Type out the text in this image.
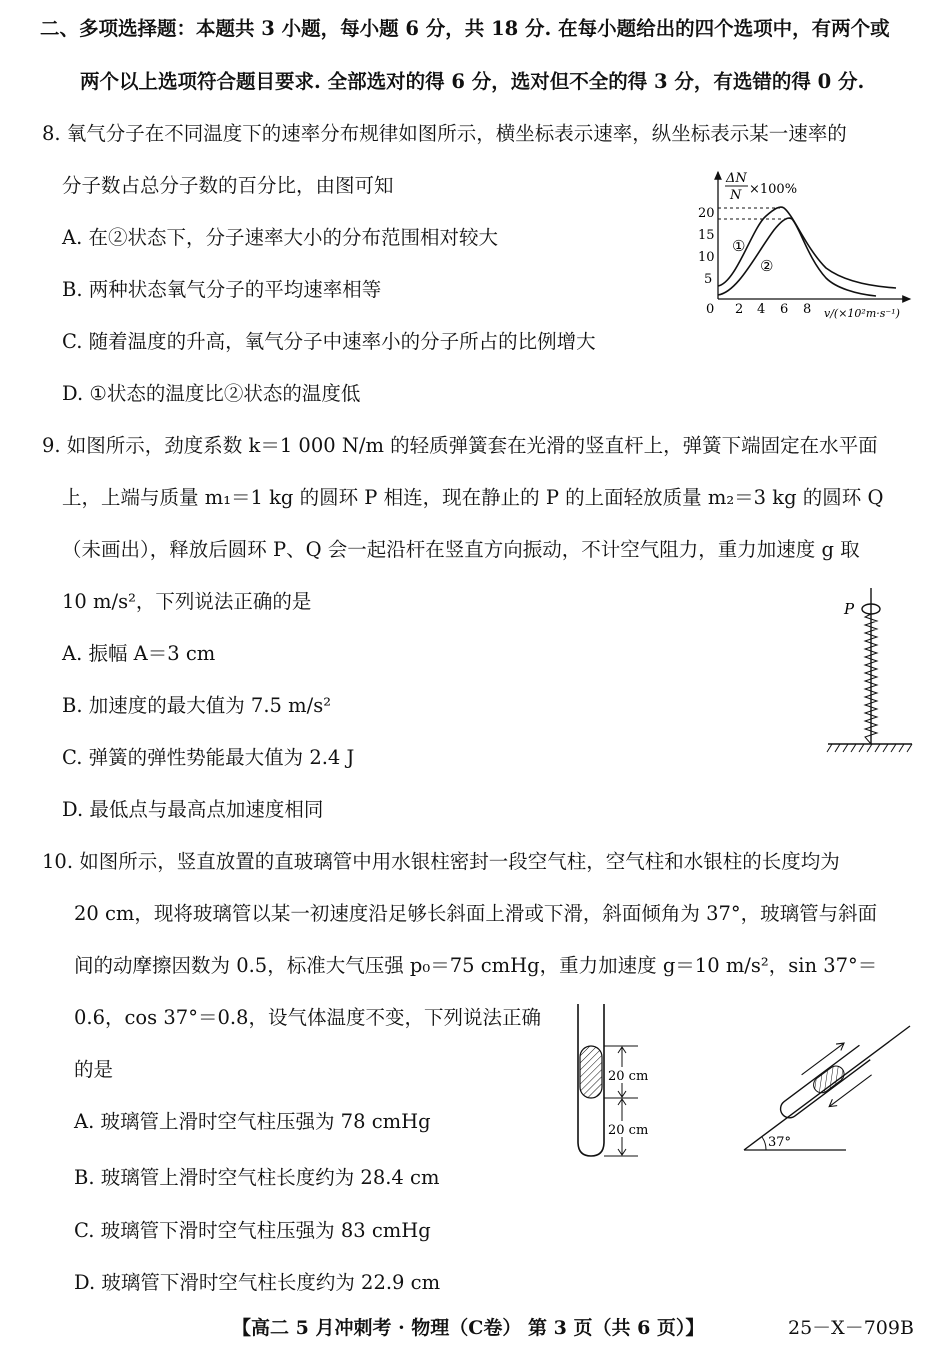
二、多项选择题：本题共 3 小题，每小题 6 分，共 18 分. 在每小题给出的四个选项中，有两个或
两个以上选项符合题目要求. 全部选对的得 6 分，选对但不全的得 3 分，有选错的得 0 分.
8. 氧气分子在不同温度下的速率分布规律如图所示，横坐标表示速率，纵坐标表示某一速率的
分子数占总分子数的百分比，由图可知
A. 在②状态下，分子速率大小的分布范围相对较大
B. 两种状态氧气分子的平均速率相等
C. 随着温度的升高，氧气分子中速率小的分子所占的比例增大
D. ①状态的温度比②状态的温度低
ΔN
N ×100%
20
15
10
5
0 2 4 6 8 v/(×10²m·s⁻¹)
①
②
9. 如图所示，劲度系数 k＝1 000 N/m 的轻质弹簧套在光滑的竖直杆上，弹簧下端固定在水平面
上，上端与质量 m₁＝1 kg 的圆环 P 相连，现在静止的 P 的上面轻放质量 m₂＝3 kg 的圆环 Q
（未画出），释放后圆环 P、Q 会一起沿杆在竖直方向振动，不计空气阻力，重力加速度 g 取
10 m/s²，下列说法正确的是
A. 振幅 A＝3 cm
B. 加速度的最大值为 7.5 m/s²
C. 弹簧的弹性势能最大值为 2.4 J
D. 最低点与最高点加速度相同
P
10. 如图所示，竖直放置的直玻璃管中用水银柱密封一段空气柱，空气柱和水银柱的长度均为
20 cm，现将玻璃管以某一初速度沿足够长斜面上滑或下滑，斜面倾角为 37°，玻璃管与斜面
间的动摩擦因数为 0.5，标准大气压强 p₀＝75 cmHg，重力加速度 g＝10 m/s²，sin 37°＝
0.6，cos 37°＝0.8，设气体温度不变，下列说法正确
的是
A. 玻璃管上滑时空气柱压强为 78 cmHg
B. 玻璃管上滑时空气柱长度约为 28.4 cm
C. 玻璃管下滑时空气柱压强为 83 cmHg
D. 玻璃管下滑时空气柱长度约为 22.9 cm
20 cm
20 cm
37°
【高二 5 月冲刺考 · 物理（C卷） 第 3 页（共 6 页）】	25－X－709B
